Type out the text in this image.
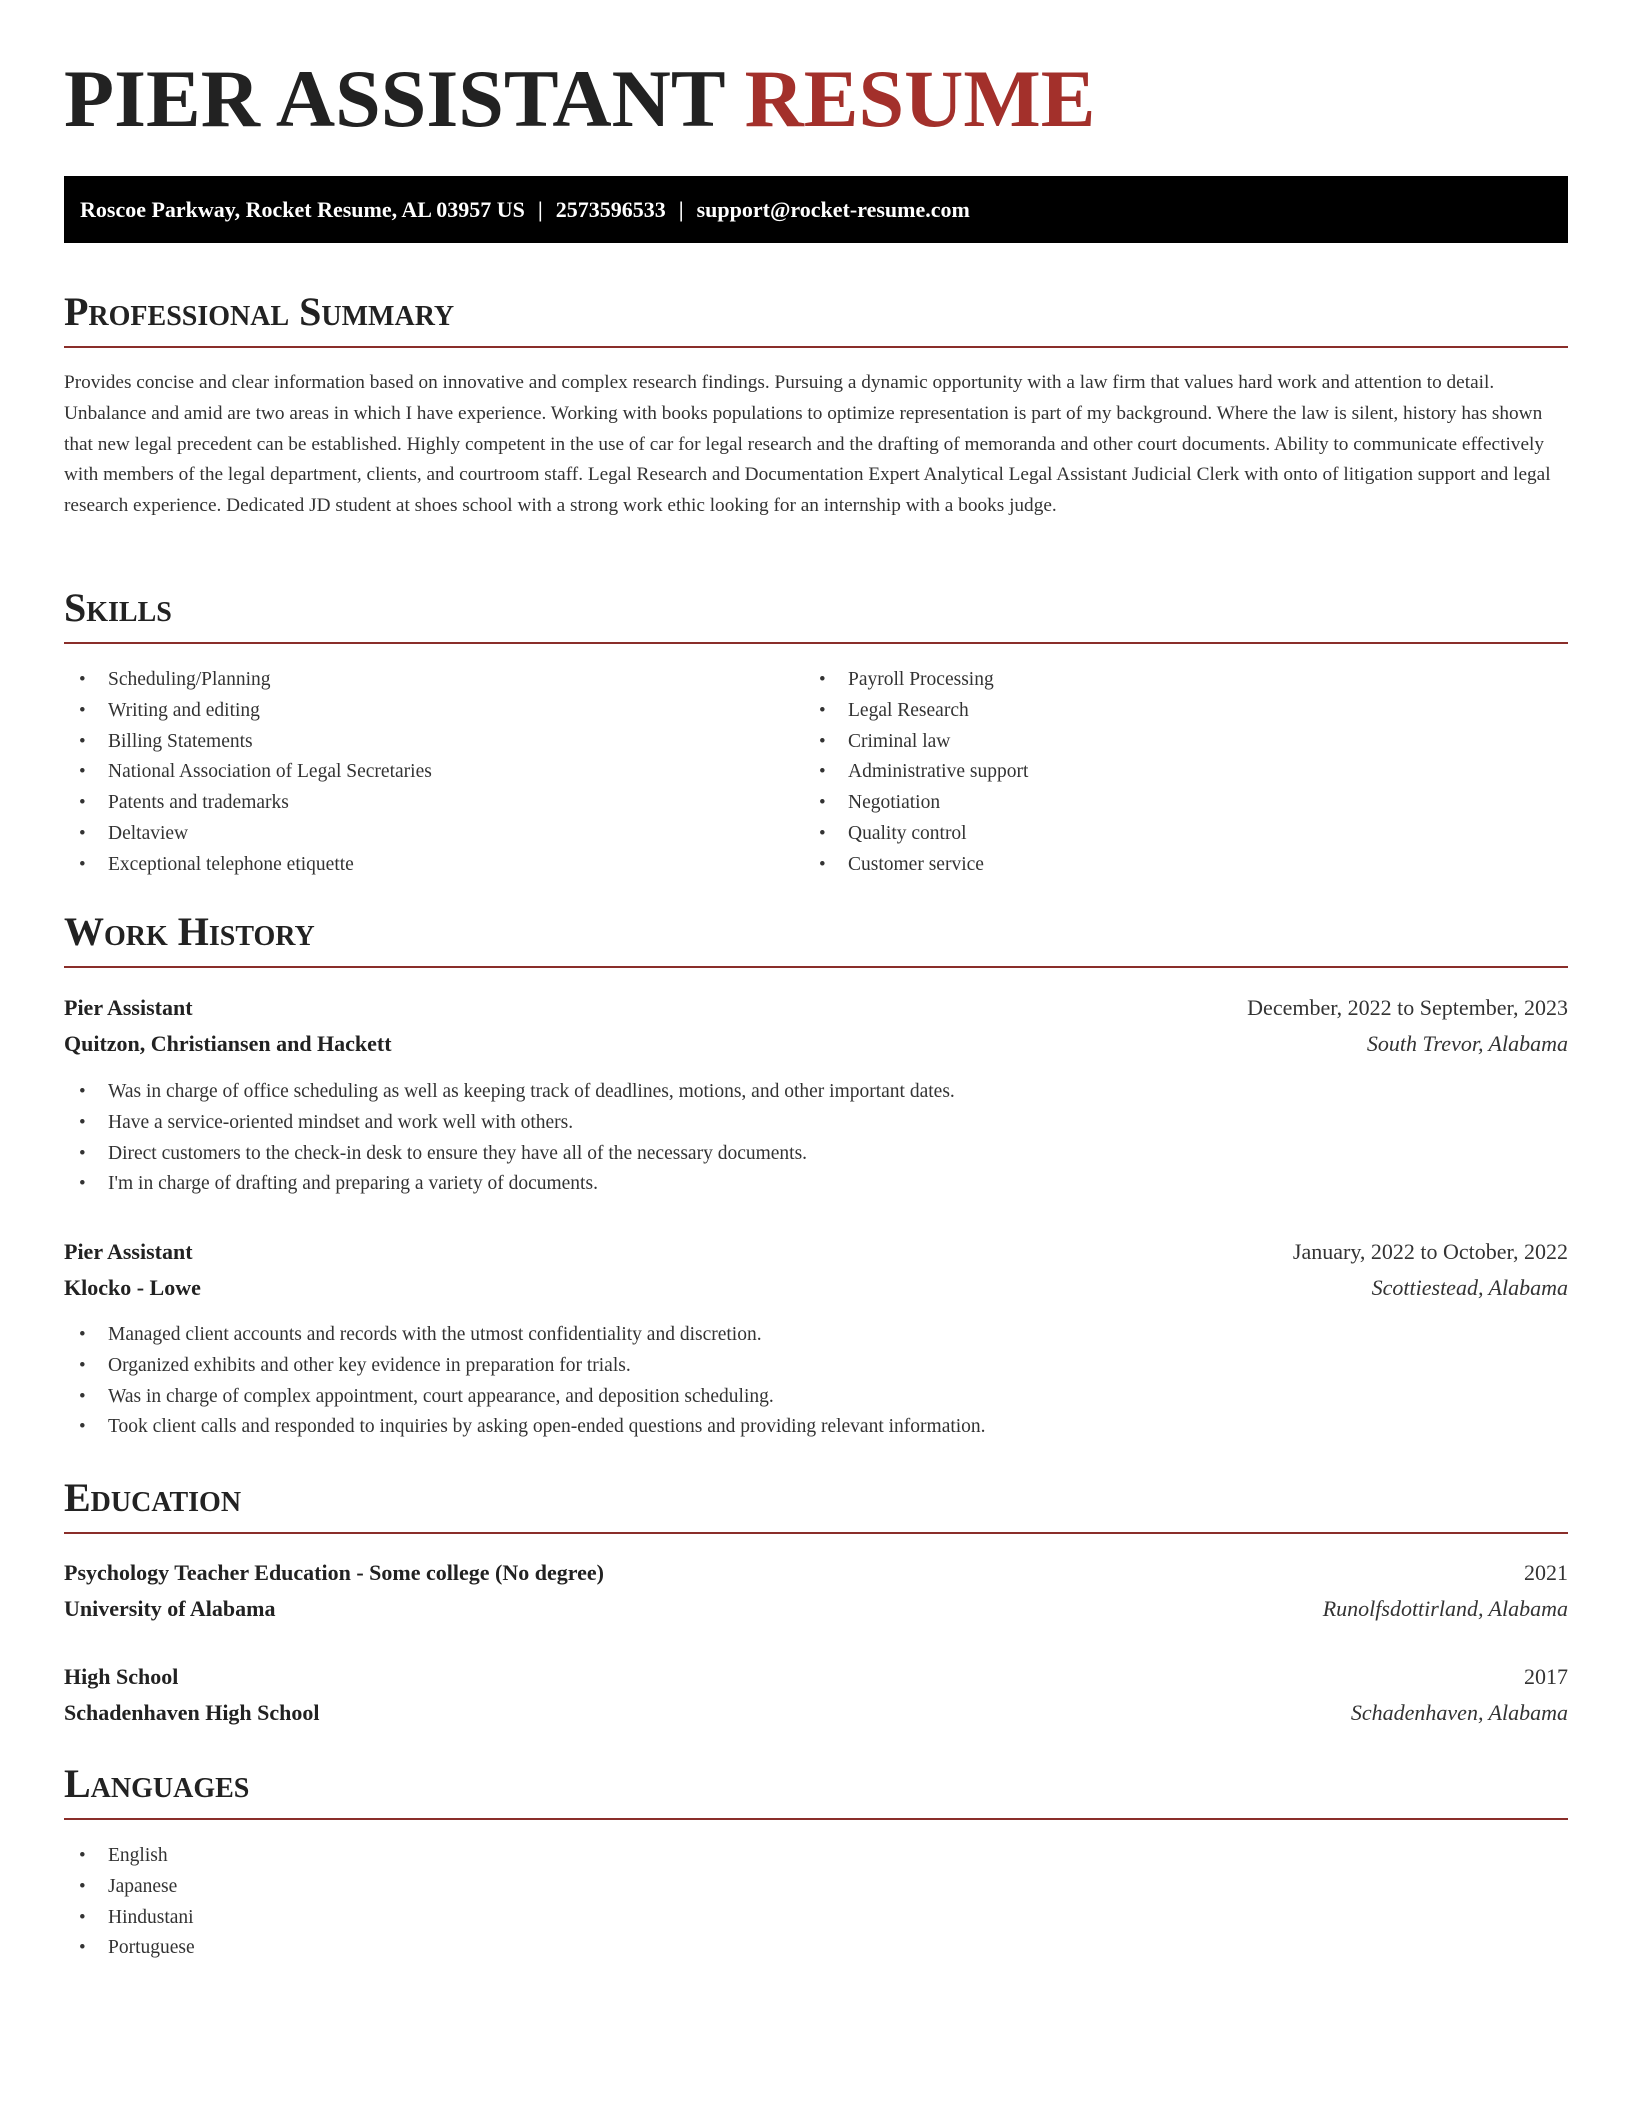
PIER ASSISTANT RESUME
Roscoe Parkway, Rocket Resume, AL 03957 US | 2573596533 | support@rocket-resume.com
Professional Summary

Provides concise and clear information based on innovative and complex research findings. Pursuing a dynamic opportunity with a law firm that values hard work and attention to detail. Unbalance and amid are two areas in which I have experience. Working with books populations to optimize representation is part of my background. Where the law is silent, history has shown that new legal precedent can be established. Highly competent in the use of car for legal research and the drafting of memoranda and other court documents. Ability to communicate effectively with members of the legal department, clients, and courtroom staff. Legal Research and Documentation Expert Analytical Legal Assistant Judicial Clerk with onto of litigation support and legal research experience. Dedicated JD student at shoes school with a strong work ethic looking for an internship with a books judge.

Skills
• Scheduling/Planning
• Writing and editing
• Billing Statements
• National Association of Legal Secretaries
• Patents and trademarks
• Deltaview
• Exceptional telephone etiquette
• Payroll Processing
• Legal Research
• Criminal law
• Administrative support
• Negotiation
• Quality control
• Customer service
Work History
Pier Assistant	December, 2022 to September, 2023
Quitzon, Christiansen and Hackett	South Trevor, Alabama
• Was in charge of office scheduling as well as keeping track of deadlines, motions, and other important dates.
• Have a service-oriented mindset and work well with others.
• Direct customers to the check-in desk to ensure they have all of the necessary documents.
• I'm in charge of drafting and preparing a variety of documents.
Pier Assistant	January, 2022 to October, 2022
Klocko - Lowe	Scottiestead, Alabama
• Managed client accounts and records with the utmost confidentiality and discretion.
• Organized exhibits and other key evidence in preparation for trials.
• Was in charge of complex appointment, court appearance, and deposition scheduling.
• Took client calls and responded to inquiries by asking open-ended questions and providing relevant information.
Education
Psychology Teacher Education - Some college (No degree)	2021
University of Alabama	Runolfsdottirland, Alabama
High School	2017
Schadenhaven High School	Schadenhaven, Alabama
Languages
• English
• Japanese
• Hindustani
• Portuguese
